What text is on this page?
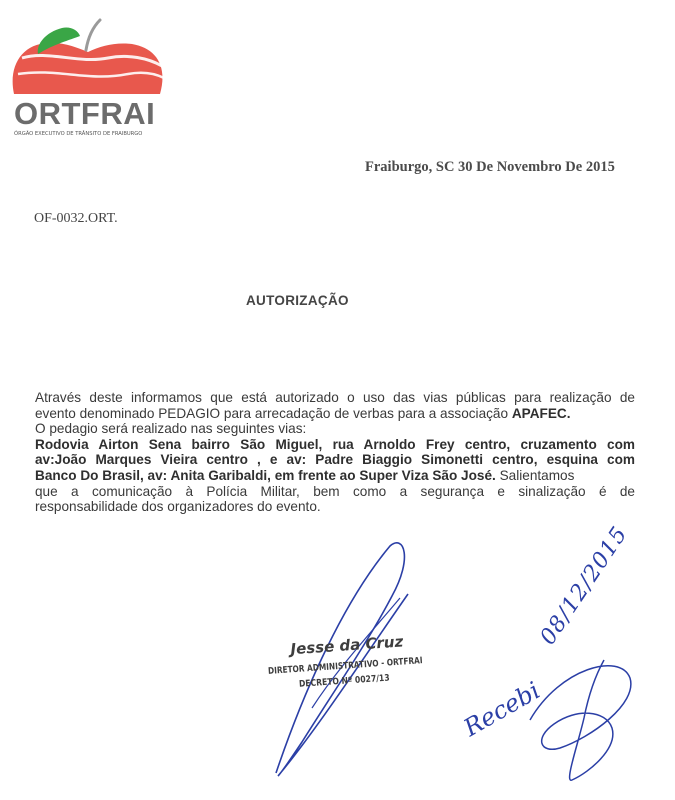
ORTFRAI
ÓRGÃO EXECUTIVO DE TRÂNSITO DE FRAIBURGO
Fraiburgo, SC 30 De Novembro De 2015
OF-0032.ORT.
AUTORIZAÇÃO
Através deste informamos que está autorizado o uso das vias públicas para realização de
evento denominado PEDAGIO para arrecadação de verbas para a associação APAFEC.
O pedagio será realizado nas seguintes vias:
Rodovia Airton Sena bairro São Miguel, rua Arnoldo Frey centro, cruzamento com
av:João Marques Vieira centro , e av: Padre Biaggio Simonetti centro, esquina com
Banco Do Brasil, av: Anita Garibaldi, em frente ao Super Viza São José. Salientamos
que a comunicação à Polícia Militar, bem como a segurança e sinalização é de
responsabilidade dos organizadores do evento.
Jesse da Cruz
DIRETOR ADMINISTRATIVO - ORTFRAI
DECRETO Nº 0027/13
08/12/2015
Recebi
